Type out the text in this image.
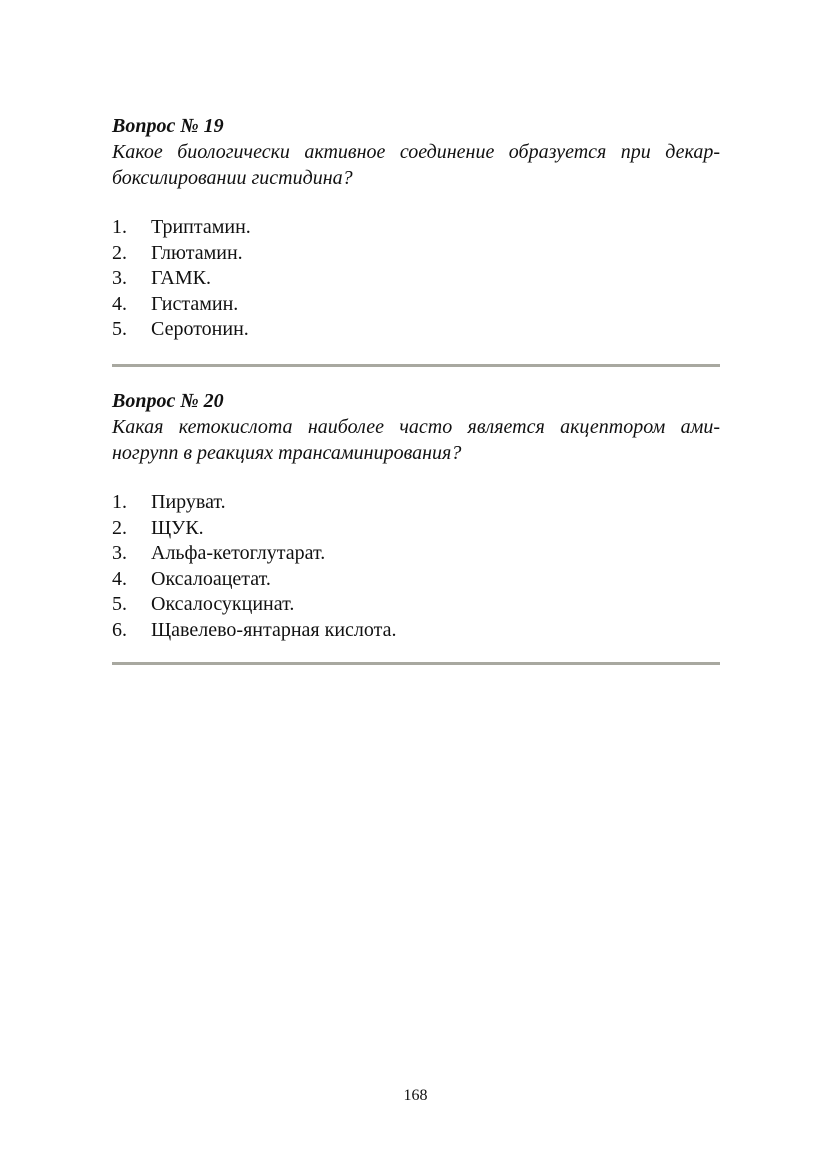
Вопрос № 19

Какое биологически активное соединение образуется при декар-
боксилировании гистидина?

1.	Триптамин.
2.	Глютамин.
3.	ГАМК.
4.	Гистамин.
5.	Серотонин.

Вопрос № 20

Какая кетокислота наиболее часто является акцептором ами-
ногрупп в реакциях трансаминирования?

1.	Пируват.
2.	ЩУК.
3.	Альфа-кетоглутарат.
4.	Оксалоацетат.
5.	Оксалосукцинат.
6.	Щавелево-янтарная кислота.
168
